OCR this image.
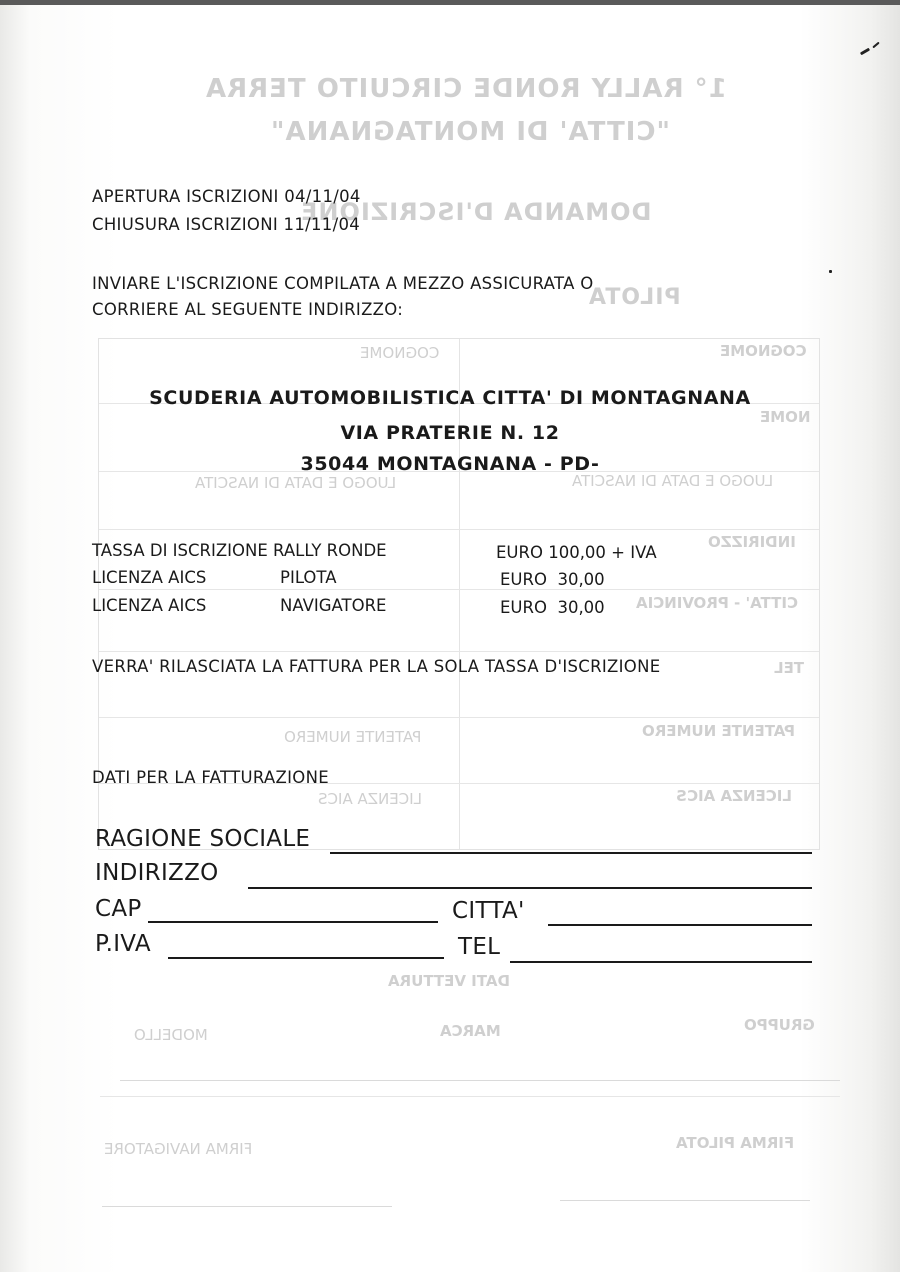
1° RALLY RONDE CIRCUITO TERRA
"CITTA' DI MONTAGNANA"
DOMANDA D'ISCRIZIONE
PILOTA
COGNOME
COGNOME
NOME
LUOGO E DATA DI NASCITA
LUOGO E DATA DI NASCITA
INDIRIZZO
CITTA' - PROVINCIA
TEL
PATENTE NUMERO
PATENTE NUMERO
LICENZA AICS
LICENZA AICS
DATI VETTURA
GRUPPO
MARCA
MODELLO
FIRMA PILOTA
FIRMA NAVIGATORE
APERTURA ISCRIZIONI 04/11/04
CHIUSURA ISCRIZIONI 11/11/04
INVIARE L'ISCRIZIONE COMPILATA A MEZZO ASSICURATA O
CORRIERE AL SEGUENTE INDIRIZZO:
SCUDERIA AUTOMOBILISTICA CITTA' DI MONTAGNANA
VIA PRATERIE N. 12
35044 MONTAGNANA - PD-
TASSA DI ISCRIZIONE RALLY RONDE	EURO 100,00 + IVA
LICENZA AICS	PILOTA	EURO  30,00
LICENZA AICS	NAVIGATORE	EURO  30,00
VERRA' RILASCIATA LA FATTURA PER LA SOLA TASSA D'ISCRIZIONE
DATI PER LA FATTURAZIONE
RAGIONE SOCIALE
INDIRIZZO
CAP	CITTA'
P.IVA	TEL
